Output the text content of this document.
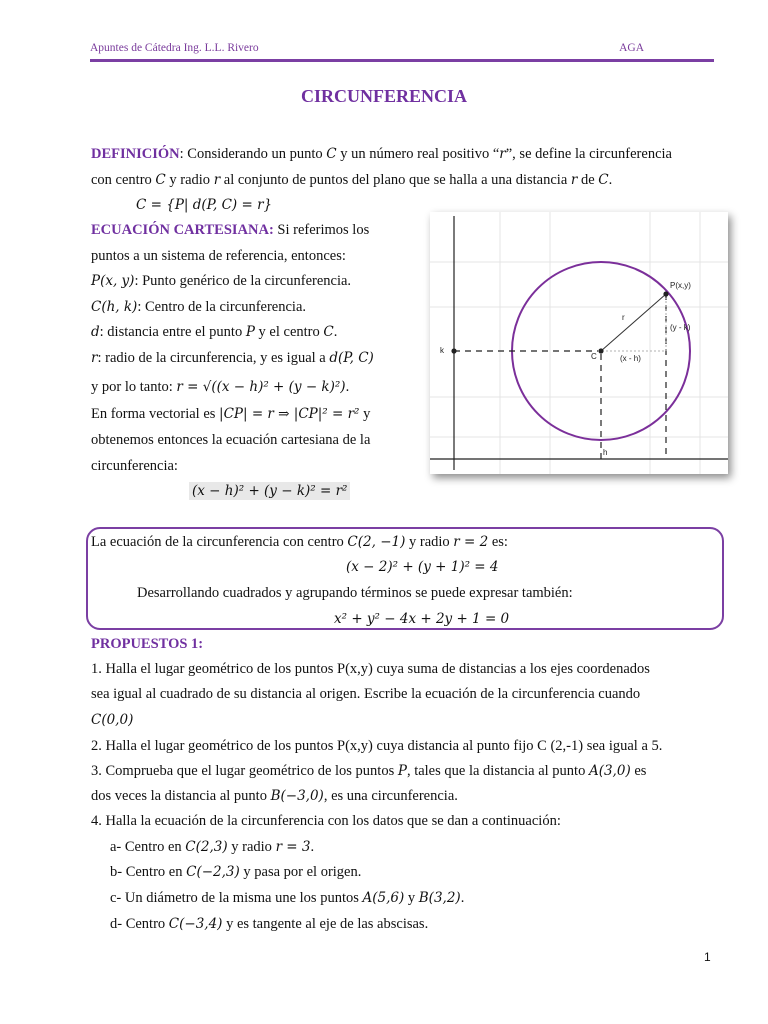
Apuntes de Cátedra Ing. L.L. Rivero	AGA
CIRCUNFERENCIA
DEFINICIÓN: Considerando un punto C y un número real positivo “r”, se define la circunferencia
con centro C y radio r al conjunto de puntos del plano que se halla a una distancia r de C.
C = {P| d(P, C) = r}
ECUACIÓN CARTESIANA: Si referimos los
puntos a un sistema de referencia, entonces:
P(x, y): Punto genérico de la circunferencia.
C(h, k): Centro de la circunferencia.
d: distancia entre el punto P y el centro C.
r: radio de la circunferencia, y es igual a d(P, C)
y por lo tanto: r = √((x − h)² + (y − k)²).
En forma vectorial es |CP| = r ⇒ |CP|² = r² y
obtenemos entonces la ecuación cartesiana de la
circunferencia:
(x − h)² + (y − k)² = r²
P(x,y)
r
(y - k)
k
C	(x - h)
h
La ecuación de la circunferencia con centro C(2, −1) y radio r = 2 es:
(x − 2)² + (y + 1)² = 4
Desarrollando cuadrados y agrupando términos se puede expresar también:
x² + y² − 4x + 2y + 1 = 0
PROPUESTOS 1:
1. Halla el lugar geométrico de los puntos P(x,y) cuya suma de distancias a los ejes coordenados
sea igual al cuadrado de su distancia al origen. Escribe la ecuación de la circunferencia cuando
C(0,0)
2. Halla el lugar geométrico de los puntos P(x,y) cuya distancia al punto fijo C (2,-1) sea igual a 5.
3. Comprueba que el lugar geométrico de los puntos P, tales que la distancia al punto A(3,0) es
dos veces la distancia al punto B(−3,0), es una circunferencia.
4. Halla la ecuación de la circunferencia con los datos que se dan a continuación:
a- Centro en C(2,3) y radio r = 3.
b- Centro en C(−2,3) y pasa por el origen.
c- Un diámetro de la misma une los puntos A(5,6) y B(3,2).
d- Centro C(−3,4) y es tangente al eje de las abscisas.
1
